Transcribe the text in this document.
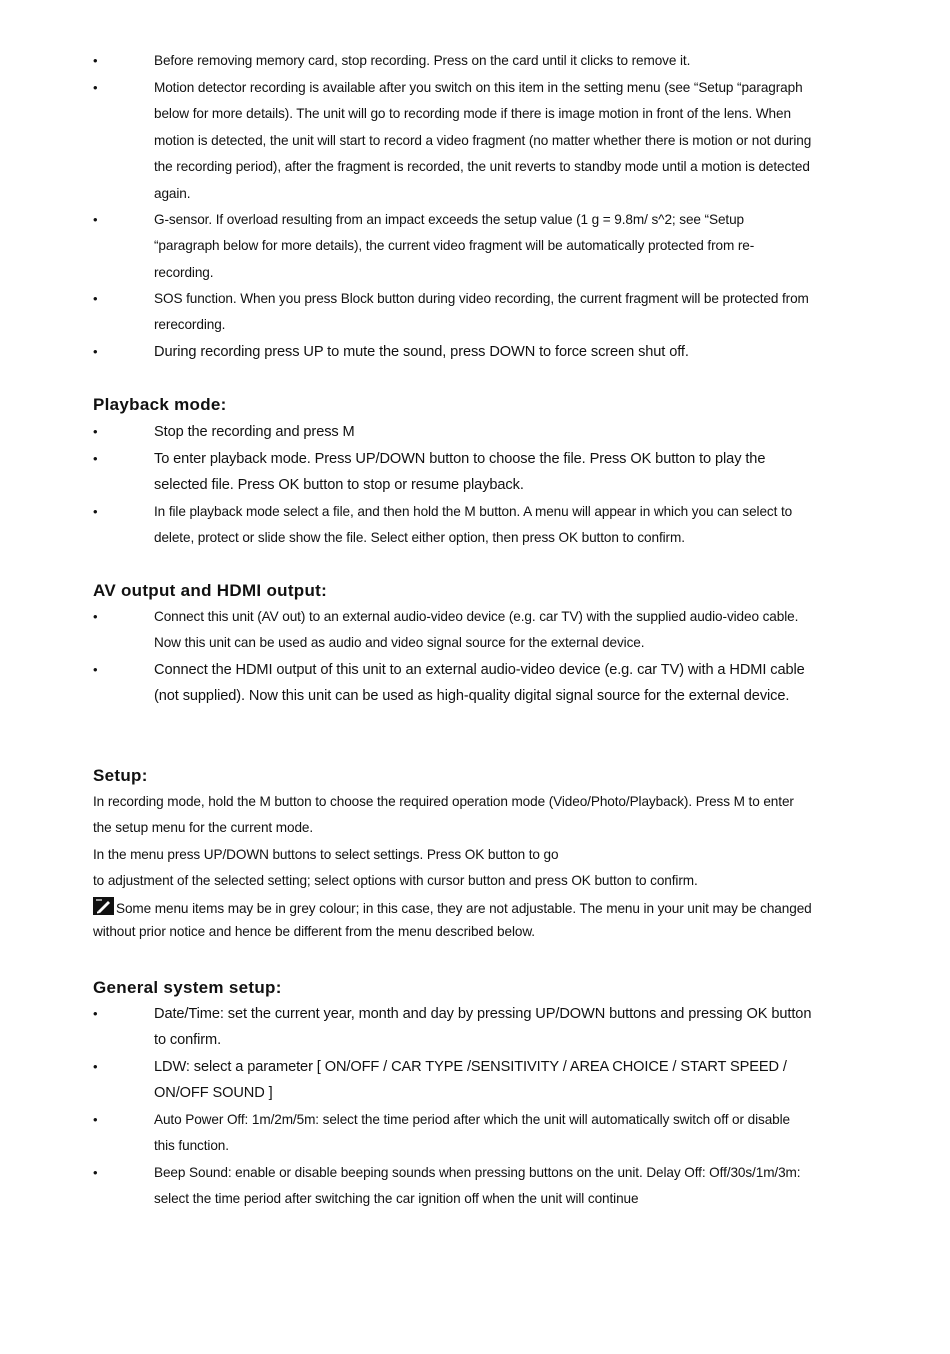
•	Before removing memory card, stop recording. Press on the card until it clicks to remove it.
•	Motion detector recording is available after you switch on this item in the setting menu (see “Setup “paragraph below for more details). The unit will go to recording mode if there is image motion in front of the lens. When motion is detected, the unit will start to record a video fragment (no matter whether there is motion or not during the recording period), after the fragment is recorded, the unit reverts to standby mode until a motion is detected again.
•	G-sensor. If overload resulting from an impact exceeds the setup value (1 g = 9.8m/ s^2; see “Setup “paragraph below for more details), the current video fragment will be automatically protected from re-recording.
•	SOS function. When you press Block button during video recording, the current fragment will be protected from rerecording.
•	During recording press UP to mute the sound, press DOWN to force screen shut off.
Playback mode:
•	Stop the recording and press M
•	To enter playback mode. Press UP/DOWN button to choose the file. Press OK button to play the selected file. Press OK button to stop or resume playback.
•	In file playback mode select a file, and then hold the M button. A menu will appear in which you can select to delete, protect or slide show the file. Select either option, then press OK button to confirm.
AV output and HDMI output:
•	Connect this unit (AV out) to an external audio-video device (e.g. car TV) with the supplied audio-video cable. Now this unit can be used as audio and video signal source for the external device.
•	Connect the HDMI output of this unit to an external audio-video device (e.g. car TV) with a HDMI cable (not supplied). Now this unit can be used as high-quality digital signal source for the external device.
Setup:
In recording mode, hold the M button to choose the required operation mode (Video/Photo/Playback). Press M to enter the setup menu for the current mode.
In the menu press UP/DOWN buttons to select settings. Press OK button to go
to adjustment of the selected setting; select options with cursor button and press OK button to confirm.
Some menu items may be in grey colour; in this case, they are not adjustable. The menu in your unit may be changed without prior notice and hence be different from the menu described below.
General system setup:
•	Date/Time: set the current year, month and day by pressing UP/DOWN buttons and pressing OK button to confirm.
•	LDW: select a parameter [ ON/OFF / CAR TYPE /SENSITIVITY / AREA CHOICE / START SPEED / ON/OFF SOUND ]
•	Auto Power Off: 1m/2m/5m: select the time period after which the unit will automatically switch off or disable this function.
•	Beep Sound: enable or disable beeping sounds when pressing buttons on the unit. Delay Off: Off/30s/1m/3m: select the time period after switching the car ignition off when the unit will continue
